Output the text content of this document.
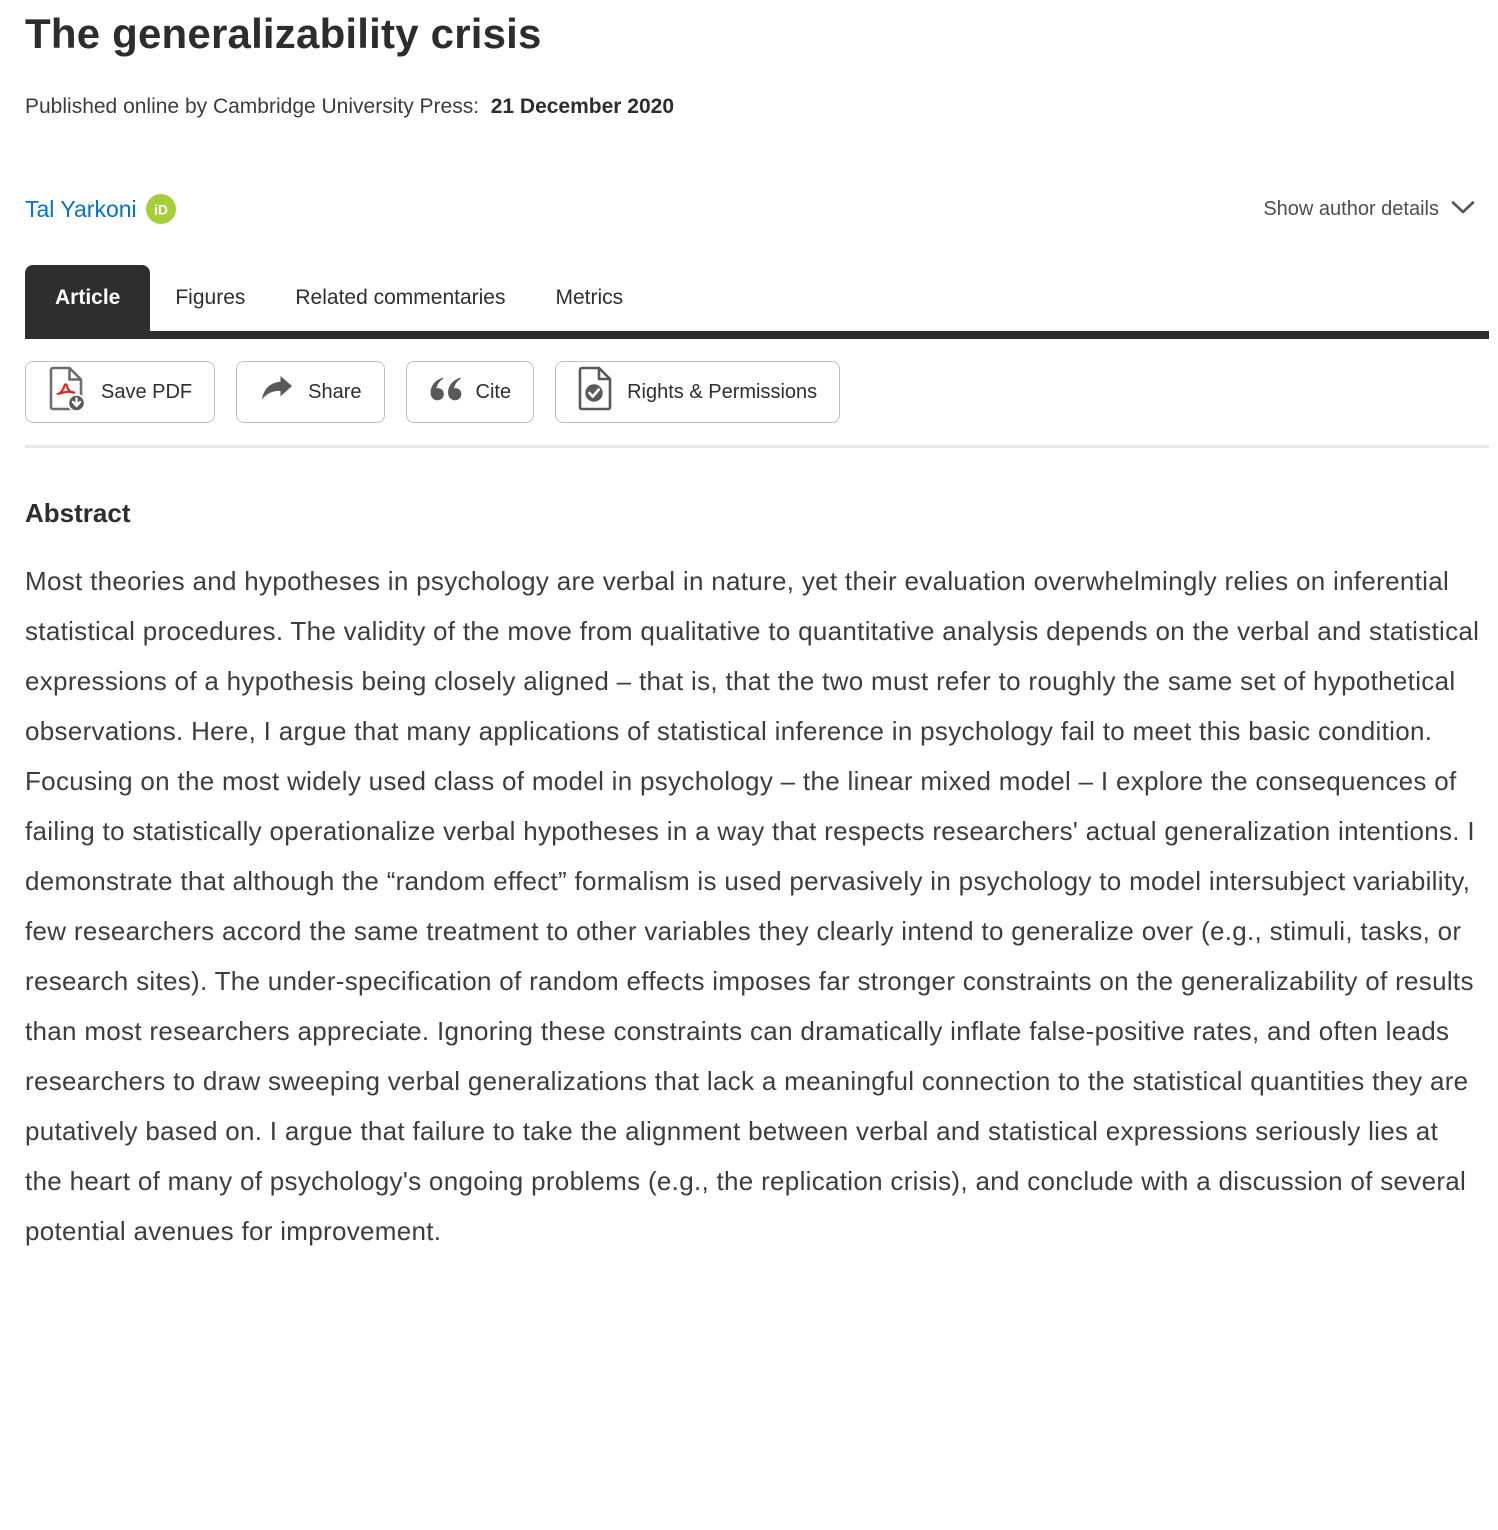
The generalizability crisis

Published online by Cambridge University Press: 21 December 2020

Tal Yarkoni iD	Show author details
Article	Figures	Related commentaries	Metrics
Save PDF	Share	Cite	Rights & Permissions
Abstract

Most theories and hypotheses in psychology are verbal in nature, yet their evaluation overwhelmingly relies on inferential statistical procedures. The validity of the move from qualitative to quantitative analysis depends on the verbal and statistical expressions of a hypothesis being closely aligned – that is, that the two must refer to roughly the same set of hypothetical observations. Here, I argue that many applications of statistical inference in psychology fail to meet this basic condition. Focusing on the most widely used class of model in psychology – the linear mixed model – I explore the consequences of failing to statistically operationalize verbal hypotheses in a way that respects researchers' actual generalization intentions. I demonstrate that although the “random effect” formalism is used pervasively in psychology to model intersubject variability, few researchers accord the same treatment to other variables they clearly intend to generalize over (e.g., stimuli, tasks, or research sites). The under-specification of random effects imposes far stronger constraints on the generalizability of results than most researchers appreciate. Ignoring these constraints can dramatically inflate false-positive rates, and often leads researchers to draw sweeping verbal generalizations that lack a meaningful connection to the statistical quantities they are putatively based on. I argue that failure to take the alignment between verbal and statistical expressions seriously lies at the heart of many of psychology's ongoing problems (e.g., the replication crisis), and conclude with a discussion of several potential avenues for improvement.
